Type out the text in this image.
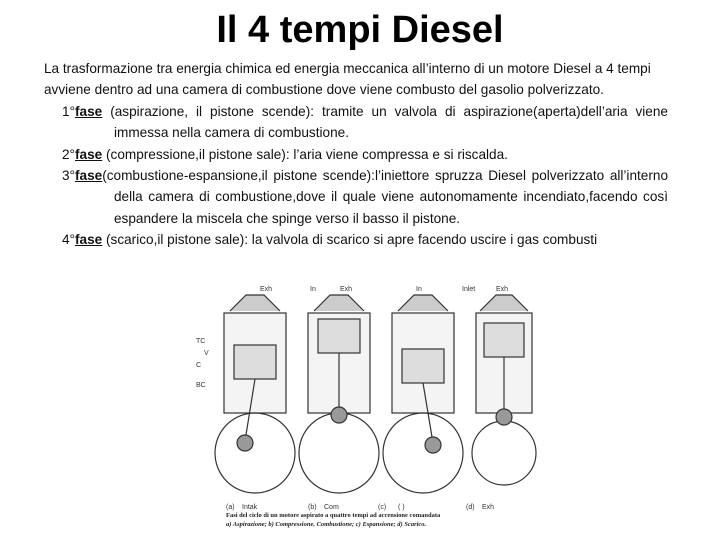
Il 4 tempi Diesel

La trasformazione tra energia chimica ed energia meccanica all’interno di un motore Diesel a 4 tempi avviene dentro ad una camera di combustione dove viene combusto del gasolio polverizzato.

1°fase (aspirazione, il pistone scende): tramite un valvola di aspirazione(aperta)dell’aria viene immessa nella camera di combustione.

2°fase (compressione,il pistone sale): l’aria viene compressa e si riscalda.

3°fase(combustione-espansione,il pistone scende):l’iniettore spruzza Diesel polverizzato all’interno della camera di combustione,dove il quale viene autonomamente incendiato,facendo così espandere la miscela che spinge verso il basso il pistone.

4°fase (scarico,il pistone sale): la valvola di scarico si apre facendo uscire i gas combusti

Exh	In	Exh	In	Inlet	Exh
TC
V
C
BC
(a) Intak	(b) Com	(c) ( )	(d) Exh
Fasi del ciclo di un motore aspirato a quattro tempi ad accensione comandata
a) Aspirazione; b) Compressione, Combustione; c) Espansione; d) Scarico.
